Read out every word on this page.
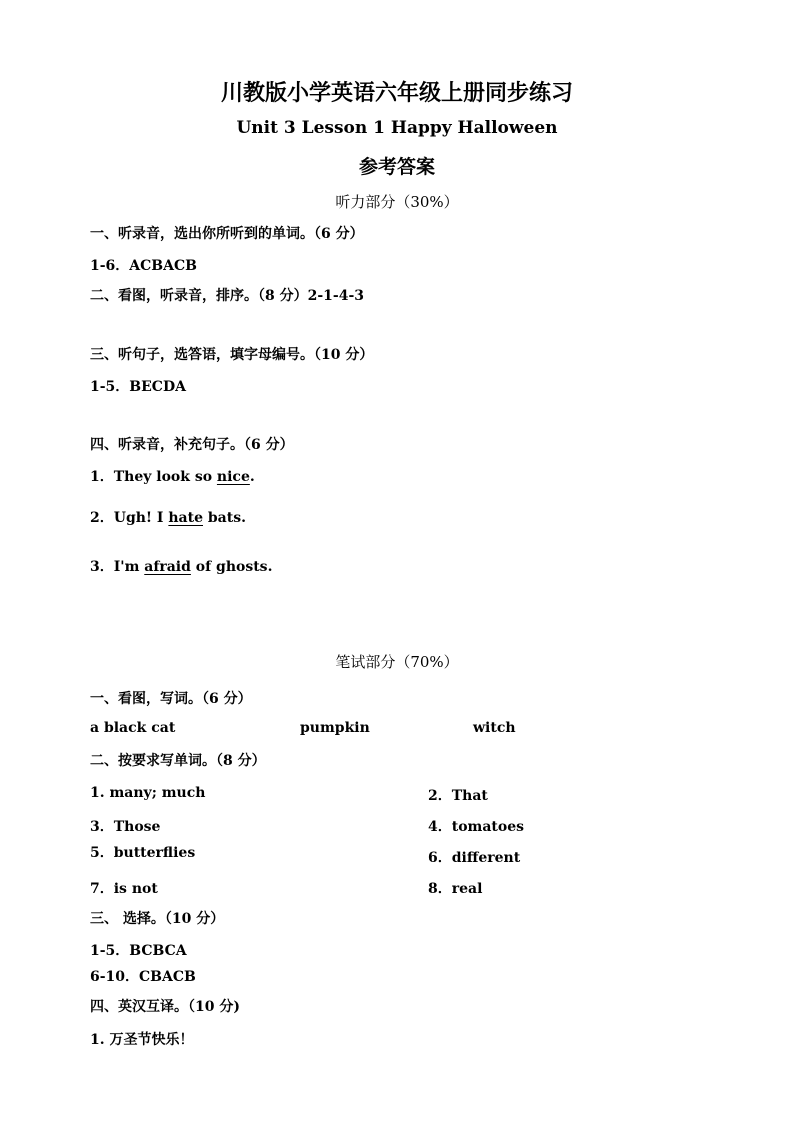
川教版小学英语六年级上册同步练习
Unit 3 Lesson 1 Happy Halloween
参考答案
听力部分（30%）
一、听录音，选出你所听到的单词。（6 分）
1-6．ACBACB
二、看图，听录音，排序。（8 分）2-1-4-3
三、听句子，选答语，填字母编号。（10 分）
1-5．BECDA
四、听录音，补充句子。（6 分）
1．They look so nice.
2．Ugh! I hate bats.
3．I'm afraid of ghosts.
笔试部分（70%）
一、看图，写词。（6 分）
a black cat	pumpkin	witch
二、按要求写单词。（8 分）
1. many; much	2．That
3．Those	4．tomatoes
5．butterflies	6．different
7．is not	8．real
三、 选择。（10 分）
1-5．BCBCA
6-10．CBACB
四、英汉互译。（10 分)
1. 万圣节快乐！
